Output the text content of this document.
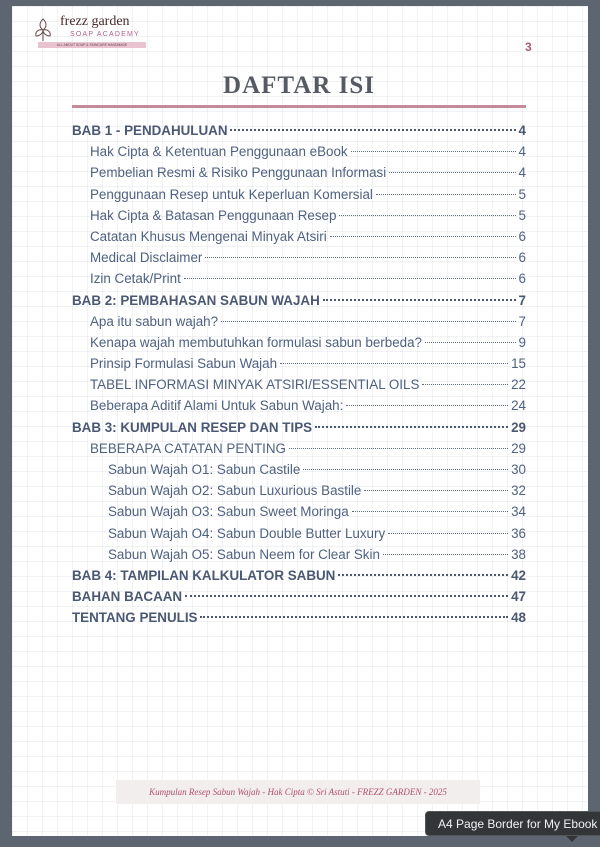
frezz garden
SOAP ACADEMY
ALL ABOUT SOAP & SKINCARE HANDMADE	3
DAFTAR ISI
BAB 1 - PENDAHULUAN	4
Hak Cipta & Ketentuan Penggunaan eBook	4
Pembelian Resmi & Risiko Penggunaan Informasi	4
Penggunaan Resep untuk Keperluan Komersial	5
Hak Cipta & Batasan Penggunaan Resep	5
Catatan Khusus Mengenai Minyak Atsiri	6
Medical Disclaimer	6
Izin Cetak/Print	6
BAB 2: PEMBAHASAN SABUN WAJAH	7
Apa itu sabun wajah?	7
Kenapa wajah membutuhkan formulasi sabun berbeda?	9
Prinsip Formulasi Sabun Wajah	15
TABEL INFORMASI MINYAK ATSIRI/ESSENTIAL OILS	22
Beberapa Aditif Alami Untuk Sabun Wajah:	24
BAB 3: KUMPULAN RESEP DAN TIPS	29
BEBERAPA CATATAN PENTING	29
Sabun Wajah O1: Sabun Castile	30
Sabun Wajah O2: Sabun Luxurious Bastile	32
Sabun Wajah O3: Sabun Sweet Moringa	34
Sabun Wajah O4: Sabun Double Butter Luxury	36
Sabun Wajah O5: Sabun Neem for Clear Skin	38
BAB 4: TAMPILAN KALKULATOR SABUN	42
BAHAN BACAAN	47
TENTANG PENULIS	48
Kumpulan Resep Sabun Wajah - Hak Cipta © Sri Astuti - FREZZ GARDEN - 2025
A4 Page Border for My Ebook
